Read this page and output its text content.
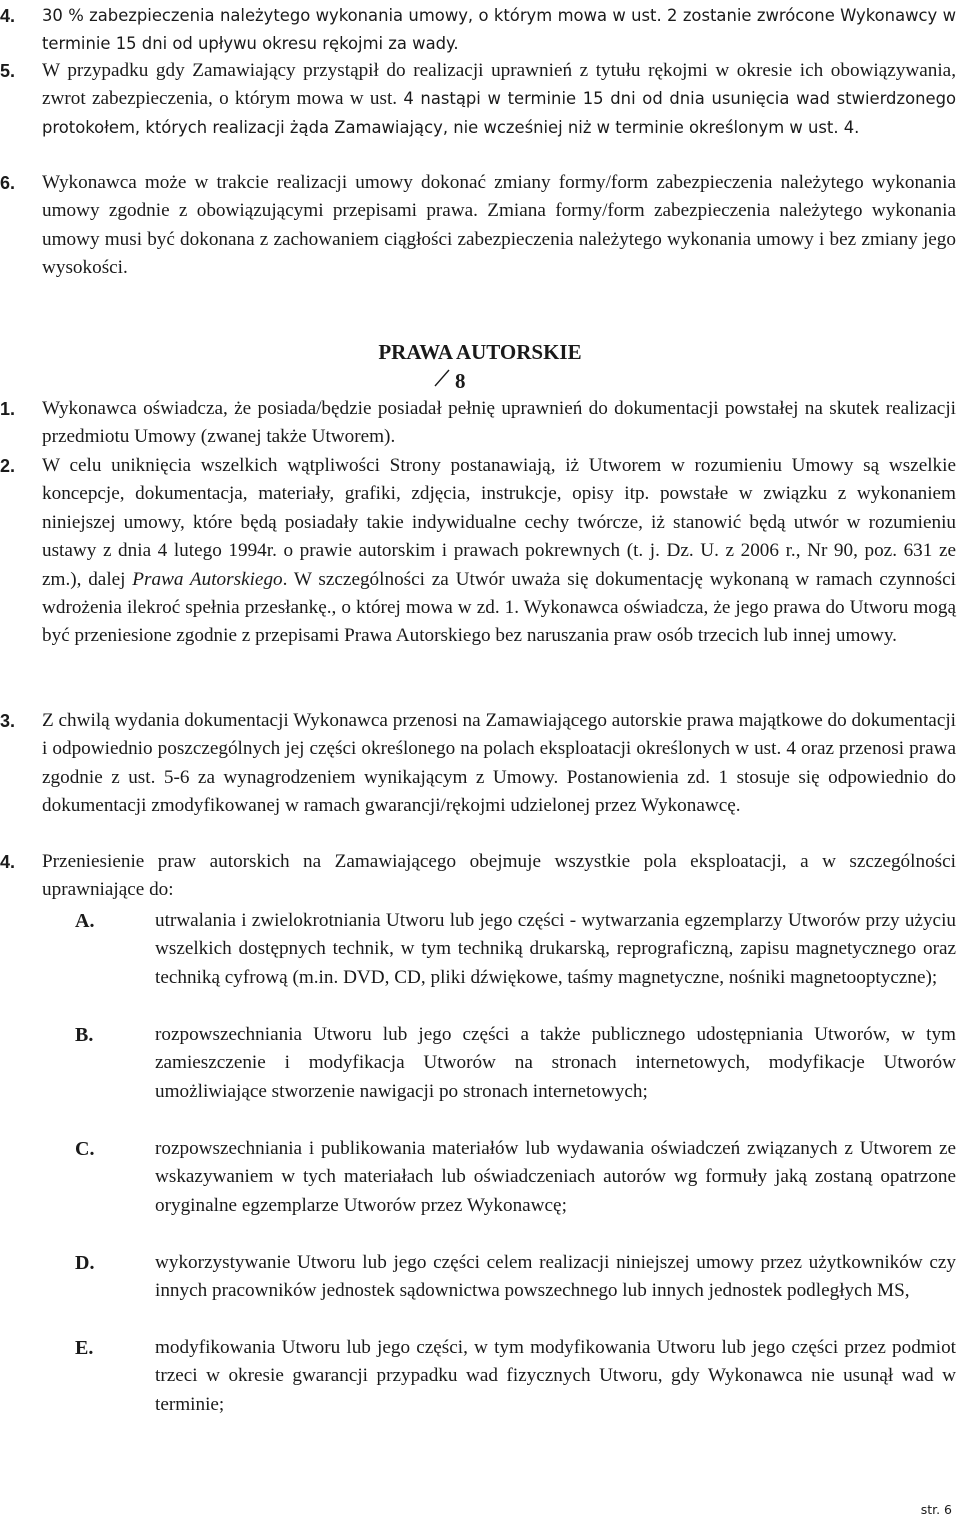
4. 30 % zabezpieczenia należytego wykonania umowy, o którym mowa w ust. 2 zostanie zwrócone Wykonawcy w terminie 15 dni od upływu okresu rękojmi za wady.
5. W przypadku gdy Zamawiający przystąpił do realizacji uprawnień z tytułu rękojmi w okresie ich obowiązywania, zwrot zabezpieczenia, o którym mowa w ust. 4 nastąpi w terminie 15 dni od dnia usunięcia wad stwierdzonego protokołem, których realizacji żąda Zamawiający, nie wcześniej niż w terminie określonym w ust. 4.
6. Wykonawca może w trakcie realizacji umowy dokonać zmiany formy/form zabezpieczenia należytego wykonania umowy zgodnie z obowiązującymi przepisami prawa. Zmiana formy/form zabezpieczenia należytego wykonania umowy musi być dokonana z zachowaniem ciągłości zabezpieczenia należytego wykonania umowy i bez zmiany jego wysokości.
PRAWA AUTORSKIE
8
1. Wykonawca oświadcza, że posiada/będzie posiadał pełnię uprawnień do dokumentacji powstałej na skutek realizacji przedmiotu Umowy (zwanej także Utworem).
2. W celu uniknięcia wszelkich wątpliwości Strony postanawiają, iż Utworem w rozumieniu Umowy są wszelkie koncepcje, dokumentacja, materiały, grafiki, zdjęcia, instrukcje, opisy itp. powstałe w związku z wykonaniem niniejszej umowy, które będą posiadały takie indywidualne cechy twórcze, iż stanowić będą utwór w rozumieniu ustawy z dnia 4 lutego 1994r. o prawie autorskim i prawach pokrewnych (t. j. Dz. U. z 2006 r., Nr 90, poz. 631 ze zm.), dalej Prawa Autorskiego. W szczególności za Utwór uważa się dokumentację wykonaną w ramach czynności wdrożenia ilekroć spełnia przesłankę., o której mowa w zd. 1. Wykonawca oświadcza, że jego prawa do Utworu mogą być przeniesione zgodnie z przepisami Prawa Autorskiego bez naruszania praw osób trzecich lub innej umowy.
3. Z chwilą wydania dokumentacji Wykonawca przenosi na Zamawiającego autorskie prawa majątkowe do dokumentacji i odpowiednio poszczególnych jej części określonego na polach eksploatacji określonych w ust. 4 oraz przenosi prawa zgodnie z ust. 5-6 za wynagrodzeniem wynikającym z Umowy. Postanowienia zd. 1 stosuje się odpowiednio do dokumentacji zmodyfikowanej w ramach gwarancji/rękojmi udzielonej przez Wykonawcę.
4. Przeniesienie praw autorskich na Zamawiającego obejmuje wszystkie pola eksploatacji, a w szczególności uprawniające do:
A.	utrwalania i zwielokrotniania Utworu lub jego części - wytwarzania egzemplarzy Utworów przy użyciu wszelkich dostępnych technik, w tym techniką drukarską, reprograficzną, zapisu magnetycznego oraz techniką cyfrową (m.in. DVD, CD, pliki dźwiękowe, taśmy magnetyczne, nośniki magnetooptyczne);
B.	rozpowszechniania Utworu lub jego części a także publicznego udostępniania Utworów, w tym zamieszczenie i modyfikacja Utworów na stronach internetowych, modyfikacje Utworów umożliwiające stworzenie nawigacji po stronach internetowych;
C.	rozpowszechniania i publikowania materiałów lub wydawania oświadczeń związanych z Utworem ze wskazywaniem w tych materiałach lub oświadczeniach autorów wg formuły jaką zostaną opatrzone oryginalne egzemplarze Utworów przez Wykonawcę;
D.	wykorzystywanie Utworu lub jego części celem realizacji niniejszej umowy przez użytkowników czy innych pracowników jednostek sądownictwa powszechnego lub innych jednostek podległych MS,
E.	modyfikowania Utworu lub jego części, w tym modyfikowania Utworu lub jego części przez podmiot trzeci w okresie gwarancji przypadku wad fizycznych Utworu, gdy Wykonawca nie usunął wad w terminie;
str. 6
